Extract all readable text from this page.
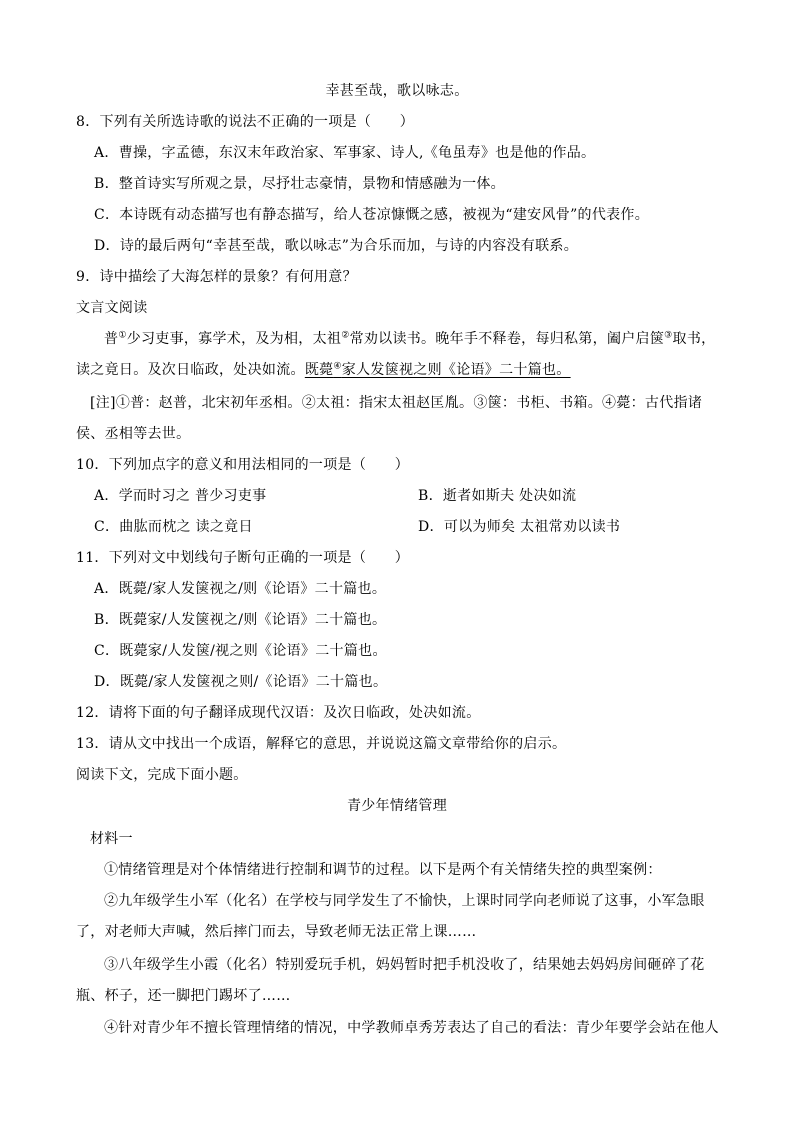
幸甚至哉，歌以咏志。
8．下列有关所选诗歌的说法不正确的一项是（　　）
A．曹操，字孟德，东汉末年政治家、军事家、诗人,《龟虽寿》也是他的作品。
B．整首诗实写所观之景，尽抒壮志豪情，景物和情感融为一体。
C．本诗既有动态描写也有静态描写，给人苍凉慷慨之感，被视为“建安风骨”的代表作。
D．诗的最后两句“幸甚至哉，歌以咏志”为合乐而加，与诗的内容没有联系。
9．诗中描绘了大海怎样的景象？有何用意？
文言文阅读
普①少习吏事，寡学术，及为相，太祖②常劝以读书。晚年手不释卷，每归私第，阖户启箧③取书，
读之竟日。及次日临政，处决如流。既薨④家人发箧视之则《论语》二十篇也。
[注]①普：赵普，北宋初年丞相。②太祖：指宋太祖赵匡胤。③箧：书柜、书箱。④薨：古代指诸
侯、丞相等去世。
10．下列加点字的意义和用法相同的一项是（　　）
A．学而时习之 普少习吏事	B．逝者如斯夫 处决如流
C．曲肱而枕之 读之竟日	D．可以为师矣 太祖常劝以读书
11．下列对文中划线句子断句正确的一项是（　　）
A．既薨/家人发箧视之/则《论语》二十篇也。
B．既薨家/人发箧视之/则《论语》二十篇也。
C．既薨家/人发箧/视之则《论语》二十篇也。
D．既薨/家人发箧视之则/《论语》二十篇也。
12．请将下面的句子翻译成现代汉语：及次日临政，处决如流。
13．请从文中找出一个成语，解释它的意思，并说说这篇文章带给你的启示。
阅读下文，完成下面小题。
青少年情绪管理
材料一
①情绪管理是对个体情绪进行控制和调节的过程。以下是两个有关情绪失控的典型案例：
②九年级学生小军（化名）在学校与同学发生了不愉快，上课时同学向老师说了这事，小军急眼
了，对老师大声喊，然后摔门而去，导致老师无法正常上课……
③八年级学生小霞（化名）特别爱玩手机，妈妈暂时把手机没收了，结果她去妈妈房间砸碎了花
瓶、杯子，还一脚把门踢坏了……
④针对青少年不擅长管理情绪的情况，中学教师卓秀芳表达了自己的看法：青少年要学会站在他人
